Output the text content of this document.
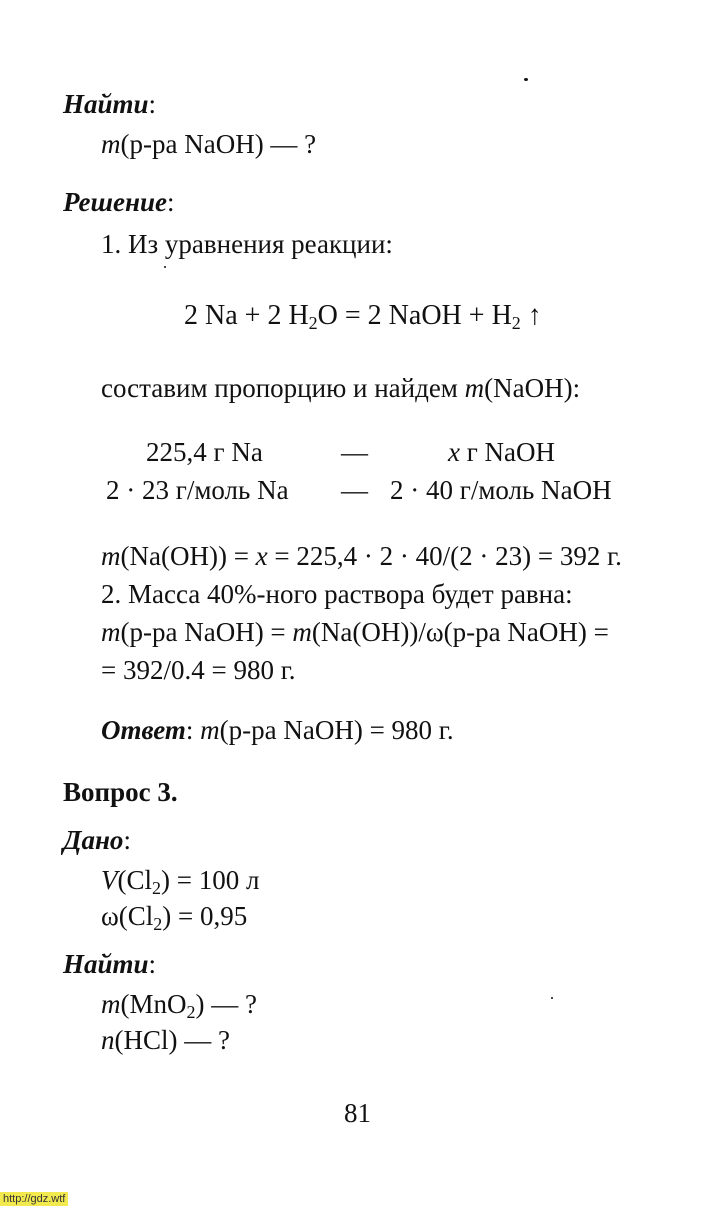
Найти:
m(р-ра NaOH) — ?
Решение:
1. Из уравнения реакции:
2 Na + 2 $H_2O = 2$ NaOH + $H_2$ ↑
составим пропорцию и найдем m(NaOH):
225,4 г Na	—	x г NaOH
2 · 23 г/моль Na — 2 · 40 г/моль NaOH
m(Na(OH)) = x = 225,4 · 2 · 40/(2 · 23) = 392 г.
2. Масса 40%-ного раствора будет равна:
m(р-ра NaOH) = m(Na(OH))/ω(р-ра NaOH) =
= 392/0.4 = 980 г.
Ответ: m(р-ра NaOH) = 980 г.
Вопрос 3.
Дано:
$V(Cl_2) = 100$ л
$\omega(Cl_2) = 0,95$
Найти:
m(MnO$_2$) — ?
n(HCl) — ?
81
http://gdz.wtf
